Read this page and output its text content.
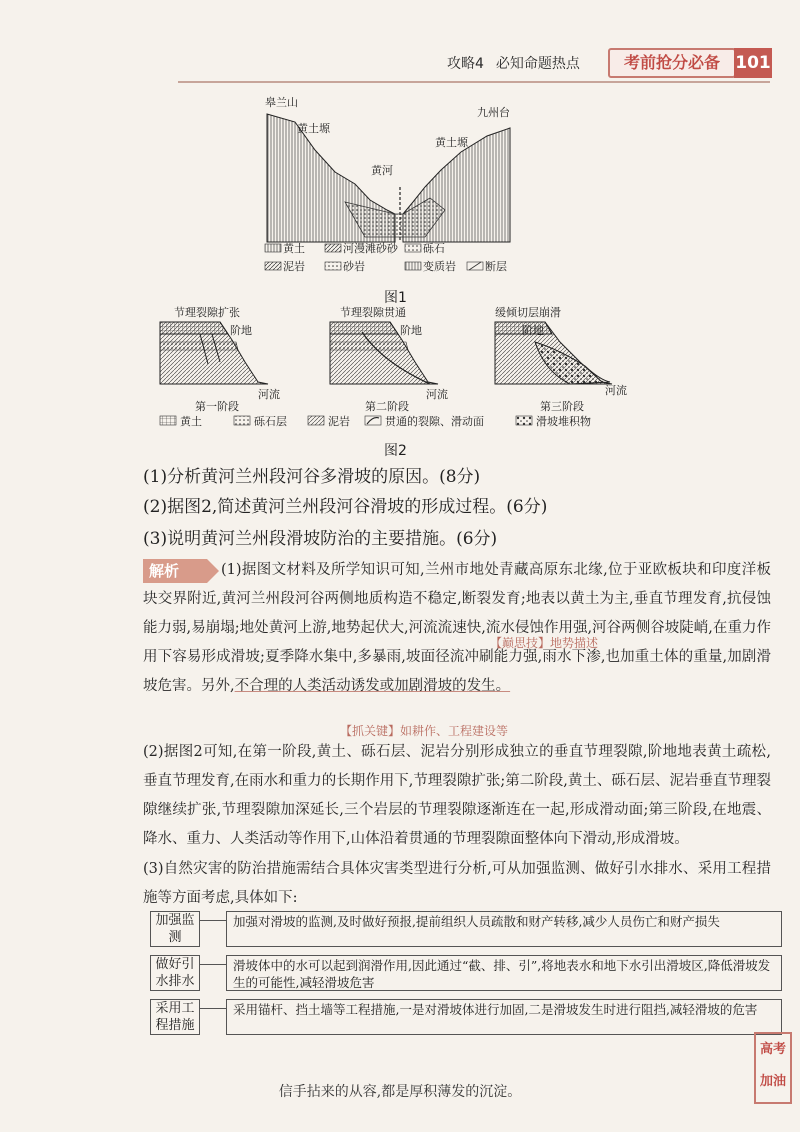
攻略4 必知命题热点	考前抢分必备 101
皋兰山
黄土塬
黄河
九州台
黄土塬
黄土	河漫滩砂砂 砾石
泥岩	砂岩	变质岩	断层
图1
节理裂隙扩张
阶地
河流
第一阶段
节理裂隙贯通
阶地
河流
第二阶段
缓倾切层崩滑
阶地
河流
第三阶段
黄土	砾石层	泥岩	贯通的裂隙、滑动面	滑坡堆积物
图2
(1)分析黄河兰州段河谷多滑坡的原因。(8分)
(2)据图2,简述黄河兰州段河谷滑坡的形成过程。(6分)
(3)说明黄河兰州段滑坡防治的主要措施。(6分)
解析	(1)据图文材料及所学知识可知,兰州市地处青藏高原东北缘,位于亚欧板块和印度洋板块交界附近,黄河兰州段河谷两侧地质构造不稳定,断裂发育;地表以黄土为主,垂直节理发育,抗侵蚀能力弱,易崩塌;地处黄河上游,地势起伏大,河流流速快,流水侵蚀作用强,河谷两侧谷坡陡峭,在重力作用下容易形成滑坡;夏季降水集中,多暴雨,坡面径流冲刷能力强,雨水下渗,也加重土体的重量,加剧滑坡危害。另外,不合理的人类活动诱发或加剧滑坡的发生。
【巅思技】地势描述
【抓关键】如耕作、工程建设等
(2)据图2可知,在第一阶段,黄土、砾石层、泥岩分别形成独立的垂直节理裂隙,阶地地表黄土疏松,垂直节理发育,在雨水和重力的长期作用下,节理裂隙扩张;第二阶段,黄土、砾石层、泥岩垂直节理裂隙继续扩张,节理裂隙加深延长,三个岩层的节理裂隙逐渐连在一起,形成滑动面;第三阶段,在地震、降水、重力、人类活动等作用下,山体沿着贯通的节理裂隙面整体向下滑动,形成滑坡。
(3)自然灾害的防治措施需结合具体灾害类型进行分析,可从加强监测、做好引水排水、采用工程措施等方面考虑,具体如下:
加强监测
加强对滑坡的监测,及时做好预报,提前组织人员疏散和财产转移,减少人员伤亡和财产损失
做好引水排水
滑坡体中的水可以起到润滑作用,因此通过“截、排、引”,将地表水和地下水引出滑坡区,降低滑坡发生的可能性,减轻滑坡危害
采用工程措施
采用锚杆、挡土墙等工程措施,一是对滑坡体进行加固,二是滑坡发生时进行阻挡,减轻滑坡的危害
高考加油
信手拈来的从容,都是厚积薄发的沉淀。
